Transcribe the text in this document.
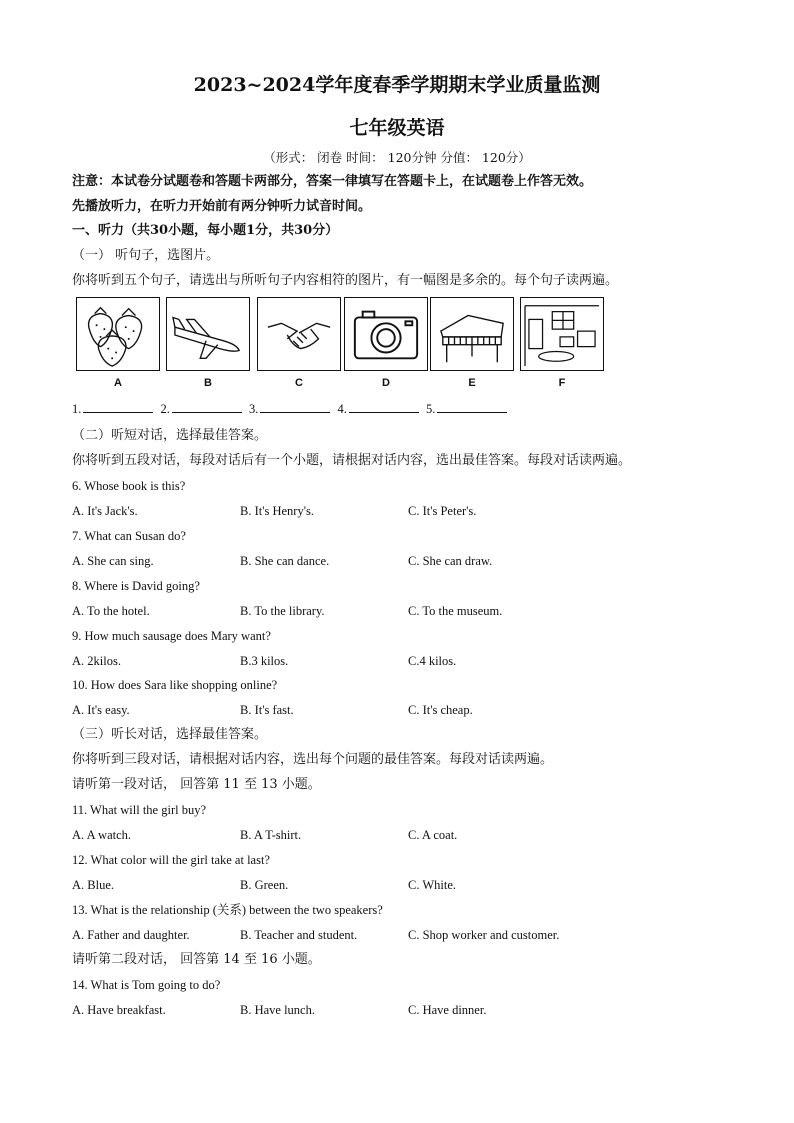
2023~2024学年度春季学期期末学业质量监测
七年级英语
（形式： 闭卷 时间： 120分钟 分值： 120分）
注意：本试卷分试题卷和答题卡两部分，答案一律填写在答题卡上，在试题卷上作答无效。
先播放听力，在听力开始前有两分钟听力试音时间。
一、听力（共30小题，每小题1分，共30分）
（一） 听句子，选图片。
你将听到五个句子，请选出与所听句子内容相符的图片，有一幅图是多余的。每个句子读两遍。
A	B	C	D	E	F
1.	2.	3.	4.	5.
（二）听短对话，选择最佳答案。
你将听到五段对话，每段对话后有一个小题，请根据对话内容，选出最佳答案。每段对话读两遍。
6. Whose book is this?
A. It's Jack's.	B. It's Henry's.	C. It's Peter's.
7. What can Susan do?
A. She can sing.	B. She can dance.	C. She can draw.
8. Where is David going?
A. To the hotel.	B. To the library.	C. To the museum.
9. How much sausage does Mary want?
A. 2kilos.	B.3 kilos.	C.4 kilos.
10. How does Sara like shopping online?
A. It's easy.	B. It's fast.	C. It's cheap.
（三）听长对话，选择最佳答案。
你将听到三段对话，请根据对话内容，选出每个问题的最佳答案。每段对话读两遍。
请听第一段对话， 回答第 11 至 13 小题。
11. What will the girl buy?
A. A watch.	B. A T-shirt.	C. A coat.
12. What color will the girl take at last?
A. Blue.	B. Green.	C. White.
13. What is the relationship (关系) between the two speakers?
A. Father and daughter.	B. Teacher and student.	C. Shop worker and customer.
请听第二段对话， 回答第 14 至 16 小题。
14. What is Tom going to do?
A. Have breakfast.	B. Have lunch.	C. Have dinner.
